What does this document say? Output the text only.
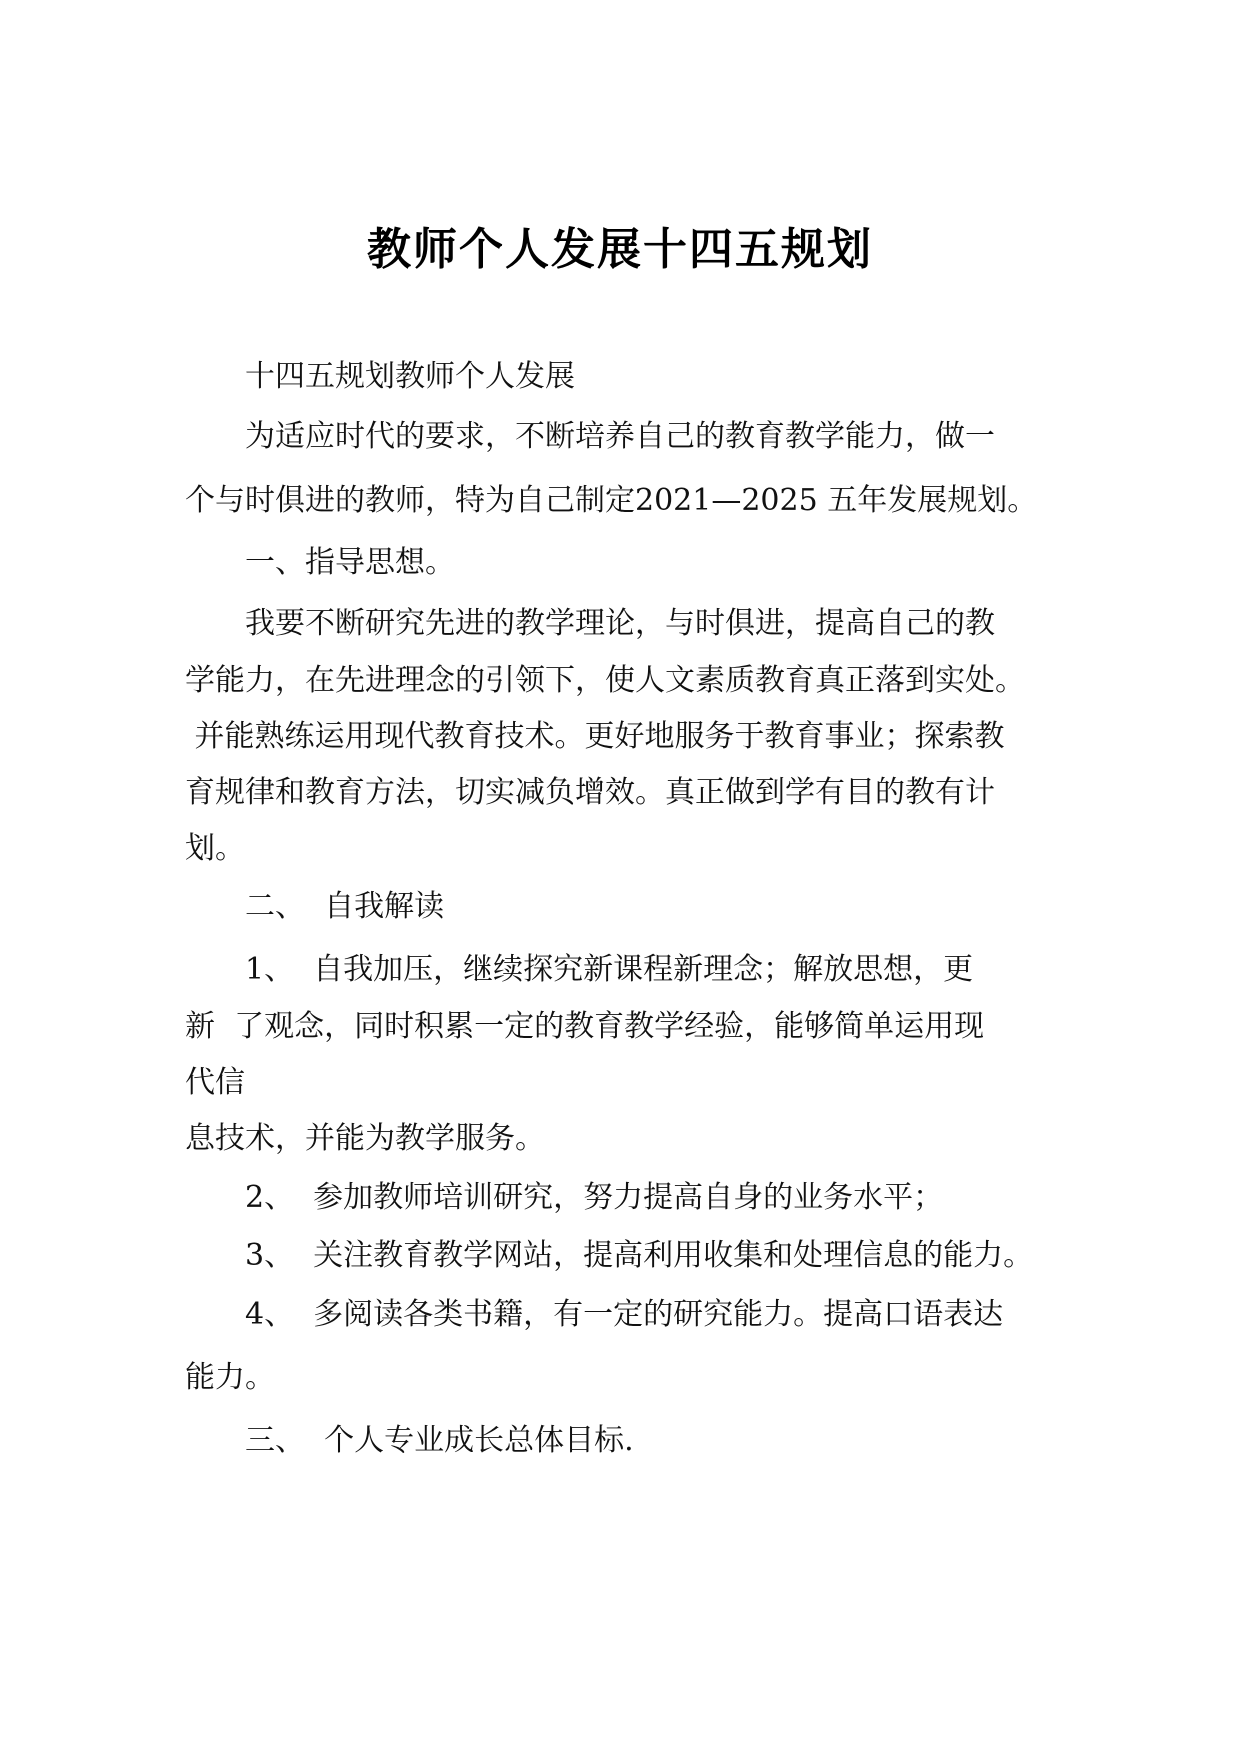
教师个人发展十四五规划
十四五规划教师个人发展
为适应时代的要求，不断培养自己的教育教学能力，做一
个与时俱进的教师，特为自己制定2021—2025 五年发展规划。
一、指导思想。
我要不断研究先进的教学理论，与时俱进，提高自己的教
学能力，在先进理念的引领下，使人文素质教育真正落到实处。
并能熟练运用现代教育技术。更好地服务于教育事业；探索教
育规律和教育方法，切实减负增效。真正做到学有目的教有计
划。
二、  自我解读
1、  自我加压，继续探究新课程新理念；解放思想，更
新  了观念，同时积累一定的教育教学经验，能够简单运用现
代信
息技术，并能为教学服务。
2、  参加教师培训研究，努力提高自身的业务水平；
3、  关注教育教学网站，提高利用收集和处理信息的能力。
4、  多阅读各类书籍，有一定的研究能力。提高口语表达
能力。
三、  个人专业成长总体目标.
